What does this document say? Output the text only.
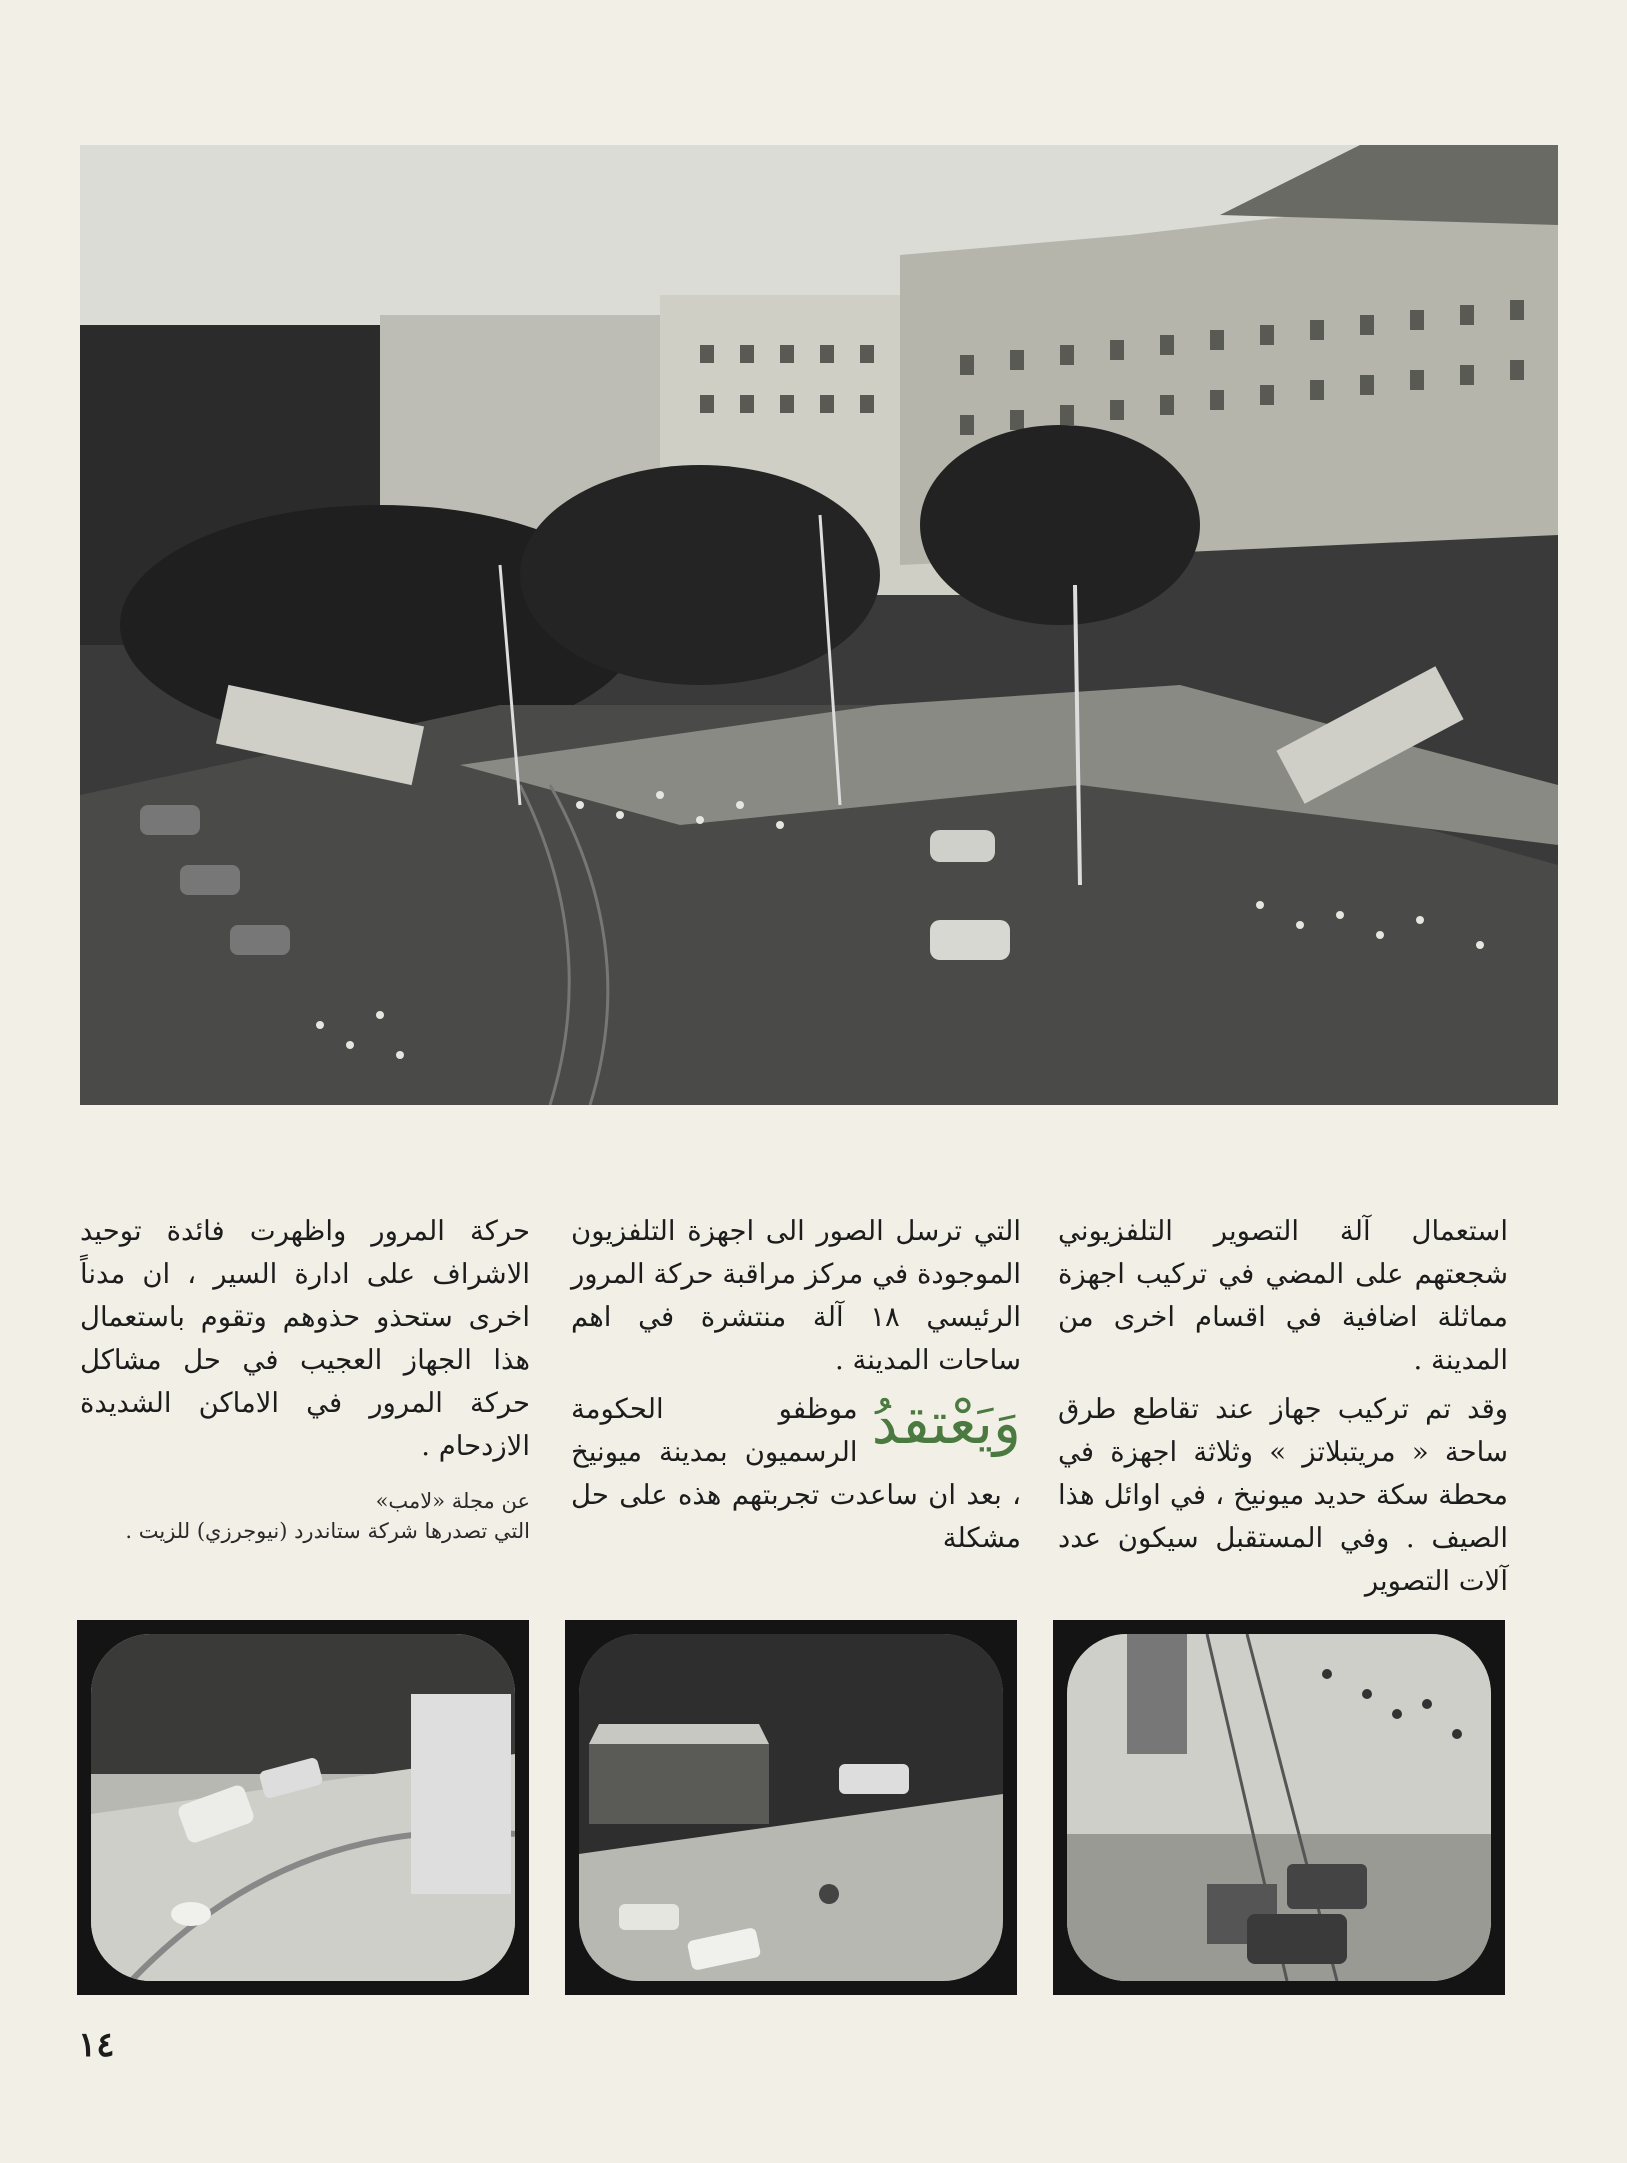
استعمال آلة التصوير التلفزيوني شجعتهم على المضي في تركيب اجهزة مماثلة اضافية في اقسام اخرى من المدينة .

وقد تم تركيب جهاز عند تقاطع طرق ساحة « مريتبلاتز » وثلاثة اجهزة في محطة سكة حديد ميونيخ ، في اوائل هذا الصيف . وفي المستقبل سيكون عدد آلات التصوير

التي ترسل الصور الى اجهزة التلفزيون الموجودة في مركز مراقبة حركة المرور الرئيسي ١٨ آلة منتشرة في اهم ساحات المدينة .

وَيَعْتقدُ
موظفو الحكومة الرسميون بمدينة ميونيخ ، بعد ان ساعدت تجربتهم هذه على حل مشكلة

حركة المرور واظهرت فائدة توحيد الاشراف على ادارة السير ، ان مدناً اخرى ستحذو حذوهم وتقوم باستعمال هذا الجهاز العجيب في حل مشاكل حركة المرور في الاماكن الشديدة الازدحام .

عن مجلة «لامب»
التي تصدرها شركة ستاندرد (نيوجرزي) للزيت .
١٤
